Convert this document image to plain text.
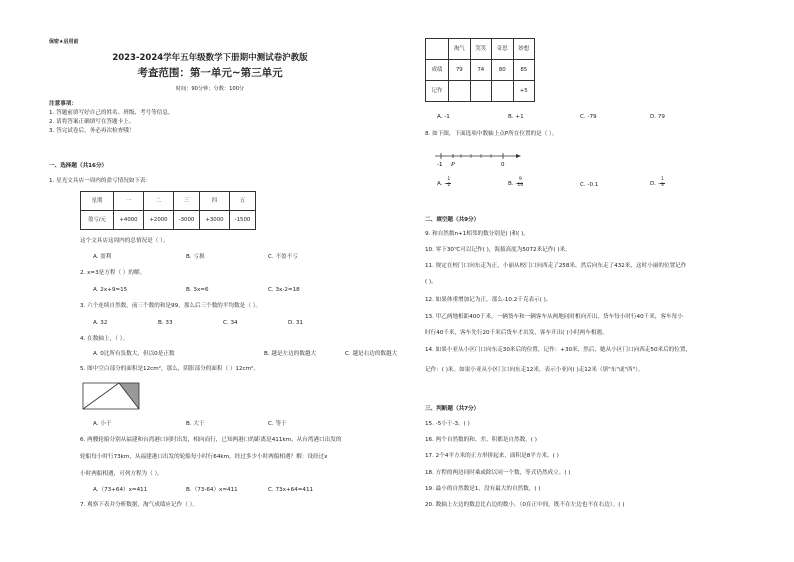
保密★启用前
2023-2024学年五年级数学下册期中测试卷沪教版
考查范围：第一单元~第三单元
时间：90分钟；分数：100分
注意事项：
1. 答题前填写好自己的姓名、班级、考号等信息。
2. 请将答案正确填写在答题卡上。
3. 答完试卷后，务必再次检查哦！
一、选择题（共16分）
1. 星光文具店一周内的盈亏情况如下表：
星期	一	二	三	四	五
盈亏/元	+4000	+2000	-3000	+3000	-1500
这个文具店这周内的总情况是（ ）。
A. 盈利	B. 亏损	C. 不盈不亏
2. x=3是方程（ ）的解。
A. 2x+9=15	B. 3x=6	C. 3x-2=18
3. 六个连续自然数，前三个数的和是99，那么后三个数的平均数是（ ）。
A. 32	B. 33	C. 34	D. 31
4. 在数轴上，（ ）。
A. 0比所有负数大，但以0是正数	B. 越是左边的数越大	C. 越是右边的数越大
5. 图中空白部分的面积是12cm²，那么，阴影部分的面积（ ）12cm²。
A. 小于	B. 大于	C. 等于
6. 两艘轮船分别从福建和台湾港口同时出发，相向而行，已知两港口的距离是411km，从台湾港口出发的
轮船每小时行73km，从福建港口出发的轮船每小时行64km，经过多少小时两船相遇？解：设经过x
小时两船相遇，可列方程为（ ）。
A.（73+64）x=411	B.（73-64）x=411	C. 73x+64=411
7. 观察下表并分析数据，淘气成绩应记作（ ）。
	淘气	笑笑	奇思	妙想
成绩	79	74	80	85
记作				+5
A. -1	B. +1	C. -79	D. 79
8. 如下图，下面选项中数轴上点P所在位置的是（ ）。
-1 P	0
A. - $\frac{1}{2}$	B. - $\frac{9}{10}$	C. -0.1	D. - $\frac{1}{3}$
二、填空题（共9分）
9. 和自然数n+1相邻的数分别是( )和( )。
10. 零下30℃可以记作( )，海拔高度为5072米记作( )米。
11. 规定在校门口向东走为正，小丽从校门口向西走了258米，然后向东走了432米，这时小丽的位置记作
( )。
12. 如果体重增加记为正，那么-10.2千克表示( )。
13. 甲乙两地相距400千米，一辆货车和一辆客车从两地同时相向开出，货车每小时行40千米，客车每小
时行40千米，客车先行20千米后货车才出发，客车开出( )小时两车相遇。
14. 如果小亚从小区门口向东走30米后的位置，记作：+30米，然后，她从小区门口向西走50米后的位置，
记作：( )米。如果小亚从小区门口向东走12米，表示小亚向( )走12米（填"东"或"西"）。
三、判断题（共7分）
15. -5小于-3。( )
16. 两个自然数的和、差、积都是自然数。( )
17. 2个4平方米的正方形拼起来，面积是8平方米。( )
18. 方程的两边同时乘或除以同一个数，等式仍然成立。( )
19. 最小的自然数是1，没有最大的自然数。( )
20. 数轴上左边的数总比右边的数小。（0在正中间，既不在左边也不在右边）。( )
